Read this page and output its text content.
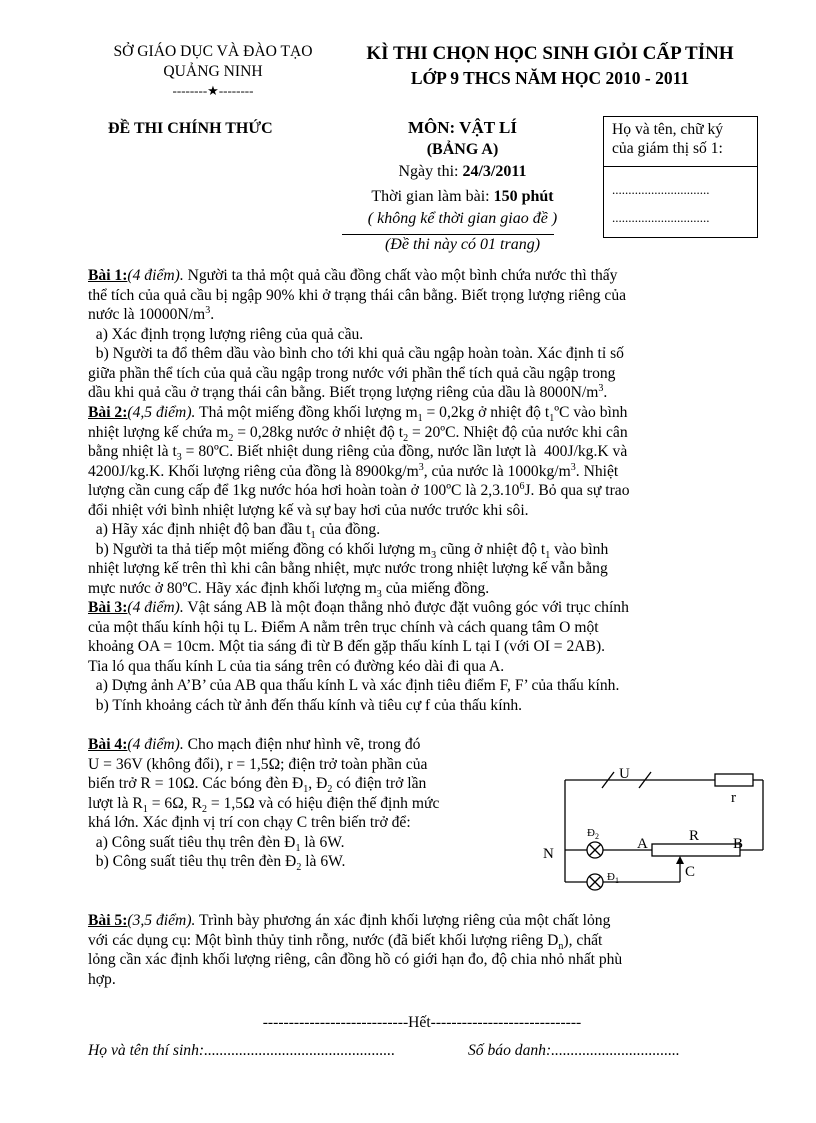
SỞ GIÁO DỤC VÀ ĐÀO TẠO
QUẢNG NINH
--------★--------
KÌ THI CHỌN HỌC SINH GIỎI CẤP TỈNH
LỚP 9 THCS NĂM HỌC 2010 - 2011
ĐỀ THI CHÍNH THỨC	MÔN: VẬT LÍ
(BẢNG A)
Ngày thi: 24/3/2011
Thời gian làm bài: 150 phút
( không kể thời gian giao đề )
(Đề thi này có 01 trang)
Họ và tên, chữ ký
của giám thị số 1:
..............................
..............................
Bài 1:(4 điểm). Người ta thả một quả cầu đồng chất vào một bình chứa nước thì thấy
thể tích của quả cầu bị ngập 90% khi ở trạng thái cân bằng. Biết trọng lượng riêng của
nước là $10000N/m^3$.
a) Xác định trọng lượng riêng của quả cầu.
b) Người ta đổ thêm dầu vào bình cho tới khi quả cầu ngập hoàn toàn. Xác định tỉ số
giữa phần thể tích của quả cầu ngập trong nước với phần thể tích quả cầu ngập trong
dầu khi quả cầu ở trạng thái cân bằng. Biết trọng lượng riêng của dầu là $8000N/m^3$.
Bài 2:(4,5 điểm). Thả một miếng đồng khối lượng $m_1 = 0,2kg$ ở nhiệt độ $t_1ºC$ vào bình
nhiệt lượng kế chứa $m_2 = 0,28kg$ nước ở nhiệt độ $t_2$ = 20ºC. Nhiệt độ của nước khi cân
bằng nhiệt là $t_3$ = 80ºC. Biết nhiệt dung riêng của đồng, nước lần lượt là  400J/kg.K và
4200J/kg.K. Khối lượng riêng của đồng là $8900kg/m^3$, của nước là $1000kg/m^3$. Nhiệt
lượng cần cung cấp để 1kg nước hóa hơi hoàn toàn ở 100ºC là 2,3.10$^6$J. Bỏ qua sự trao
đổi nhiệt với bình nhiệt lượng kế và sự bay hơi của nước trước khi sôi.
a) Hãy xác định nhiệt độ ban đầu $t_1$ của đồng.
b) Người ta thả tiếp một miếng đồng có khối lượng $m_3$ cũng ở nhiệt độ $t_1$ vào bình
nhiệt lượng kế trên thì khi cân bằng nhiệt, mực nước trong nhiệt lượng kế vẫn bằng
mực nước ở 80ºC. Hãy xác định khối lượng $m_3$ của miếng đồng.
Bài 3:(4 điểm). Vật sáng AB là một đoạn thẳng nhỏ được đặt vuông góc với trục chính
của một thấu kính hội tụ L. Điểm A nằm trên trục chính và cách quang tâm O một
khoảng OA = 10cm. Một tia sáng đi từ B đến gặp thấu kính L tại I (với OI = 2AB).
Tia ló qua thấu kính L của tia sáng trên có đường kéo dài đi qua A.
a) Dựng ảnh A’B’ của AB qua thấu kính L và xác định tiêu điểm F, F’ của thấu kính.
b) Tính khoảng cách từ ảnh đến thấu kính và tiêu cự f của thấu kính.
Bài 4:(4 điểm). Cho mạch điện như hình vẽ, trong đó
U = 36V (không đổi), r = 1,5Ω; điện trở toàn phần của
biến trở R = 10Ω. Các bóng đèn $Đ_1$, $Đ_2$ có điện trở lần
lượt là $R_1 = 6\Omega$, $R_2 = 1,5\Omega$ và có hiệu điện thế định mức
khá lớn. Xác định vị trí con chạy C trên biến trở để:
a) Công suất tiêu thụ trên đèn $Đ_1$ là 6W.
b) Công suất tiêu thụ trên đèn $Đ_2$ là 6W.
U
r
R
A	B
C
N
$Đ_2$
$Đ_1$
Bài 5:(3,5 điểm). Trình bày phương án xác định khối lượng riêng của một chất lỏng
với các dụng cụ: Một bình thủy tinh rỗng, nước (đã biết khối lượng riêng $D_n$), chất
lỏng cần xác định khối lượng riêng, cân đồng hồ có giới hạn đo, độ chia nhỏ nhất phù
hợp.
----------------------------Hết-----------------------------
Họ và tên thí sinh:.................................................	Số báo danh:.................................
